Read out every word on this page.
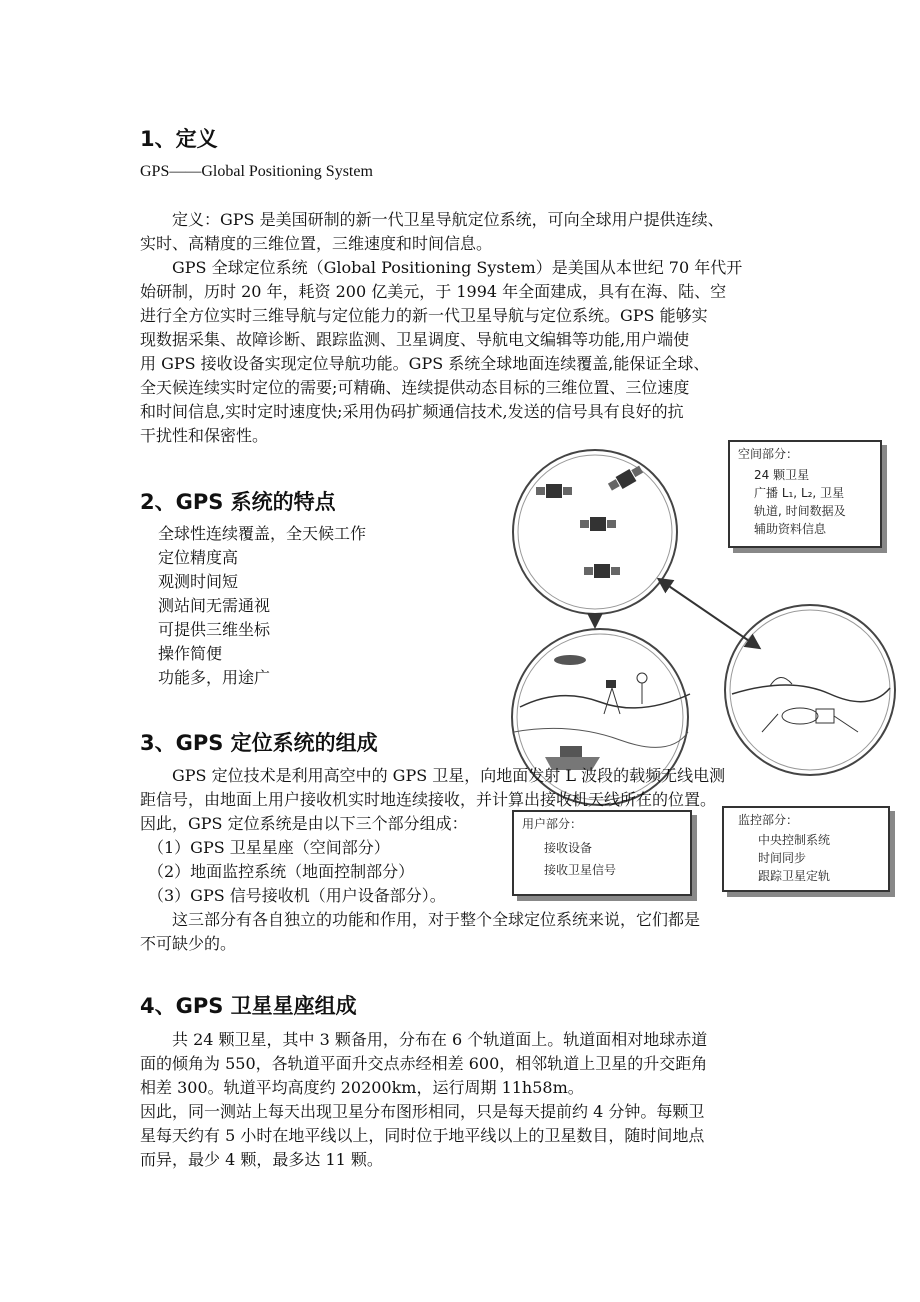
1、定义
GPS——Global Positioning System
　　定义：GPS 是美国研制的新一代卫星导航定位系统，可向全球用户提供连续、
实时、高精度的三维位置，三维速度和时间信息。
　　GPS 全球定位系统（Global Positioning System）是美国从本世纪 70 年代开
始研制，历时 20 年，耗资 200 亿美元，于 1994 年全面建成，具有在海、陆、空
进行全方位实时三维导航与定位能力的新一代卫星导航与定位系统。GPS 能够实
现数据采集、故障诊断、跟踪监测、卫星调度、导航电文编辑等功能,用户端使
用 GPS 接收设备实现定位导航功能。GPS 系统全球地面连续覆盖,能保证全球、
全天候连续实时定位的需要;可精确、连续提供动态目标的三维位置、三位速度
和时间信息,实时定时速度快;采用伪码扩频通信技术,发送的信号具有良好的抗
干扰性和保密性。
2、GPS 系统的特点
全球性连续覆盖，全天候工作
定位精度高
观测时间短
测站间无需通视
可提供三维坐标
操作简便
功能多，用途广
空间部分：
24 颗卫星
广播 L₁, L₂, 卫星
轨道, 时间数据及
辅助资料信息
用户部分：
接收设备
接收卫星信号
监控部分：
中央控制系统
时间同步
跟踪卫星定轨
3、GPS 定位系统的组成
　　GPS 定位技术是利用高空中的 GPS 卫星，向地面发射 L 波段的载频无线电测
距信号，由地面上用户接收机实时地连续接收，并计算出接收机天线所在的位置。
因此，GPS 定位系统是由以下三个部分组成：
　（1）GPS 卫星星座（空间部分）
　（2）地面监控系统（地面控制部分）
　（3）GPS 信号接收机（用户设备部分）。
　　这三部分有各自独立的功能和作用，对于整个全球定位系统来说，它们都是
不可缺少的。
4、GPS 卫星星座组成
　　共 24 颗卫星，其中 3 颗备用，分布在 6 个轨道面上。轨道面相对地球赤道
面的倾角为 550，各轨道平面升交点赤经相差 600，相邻轨道上卫星的升交距角
相差 300。轨道平均高度约 20200km，运行周期 11h58m。
因此，同一测站上每天出现卫星分布图形相同，只是每天提前约 4 分钟。每颗卫
星每天约有 5 小时在地平线以上，同时位于地平线以上的卫星数目，随时间地点
而异，最少 4 颗，最多达 11 颗。
